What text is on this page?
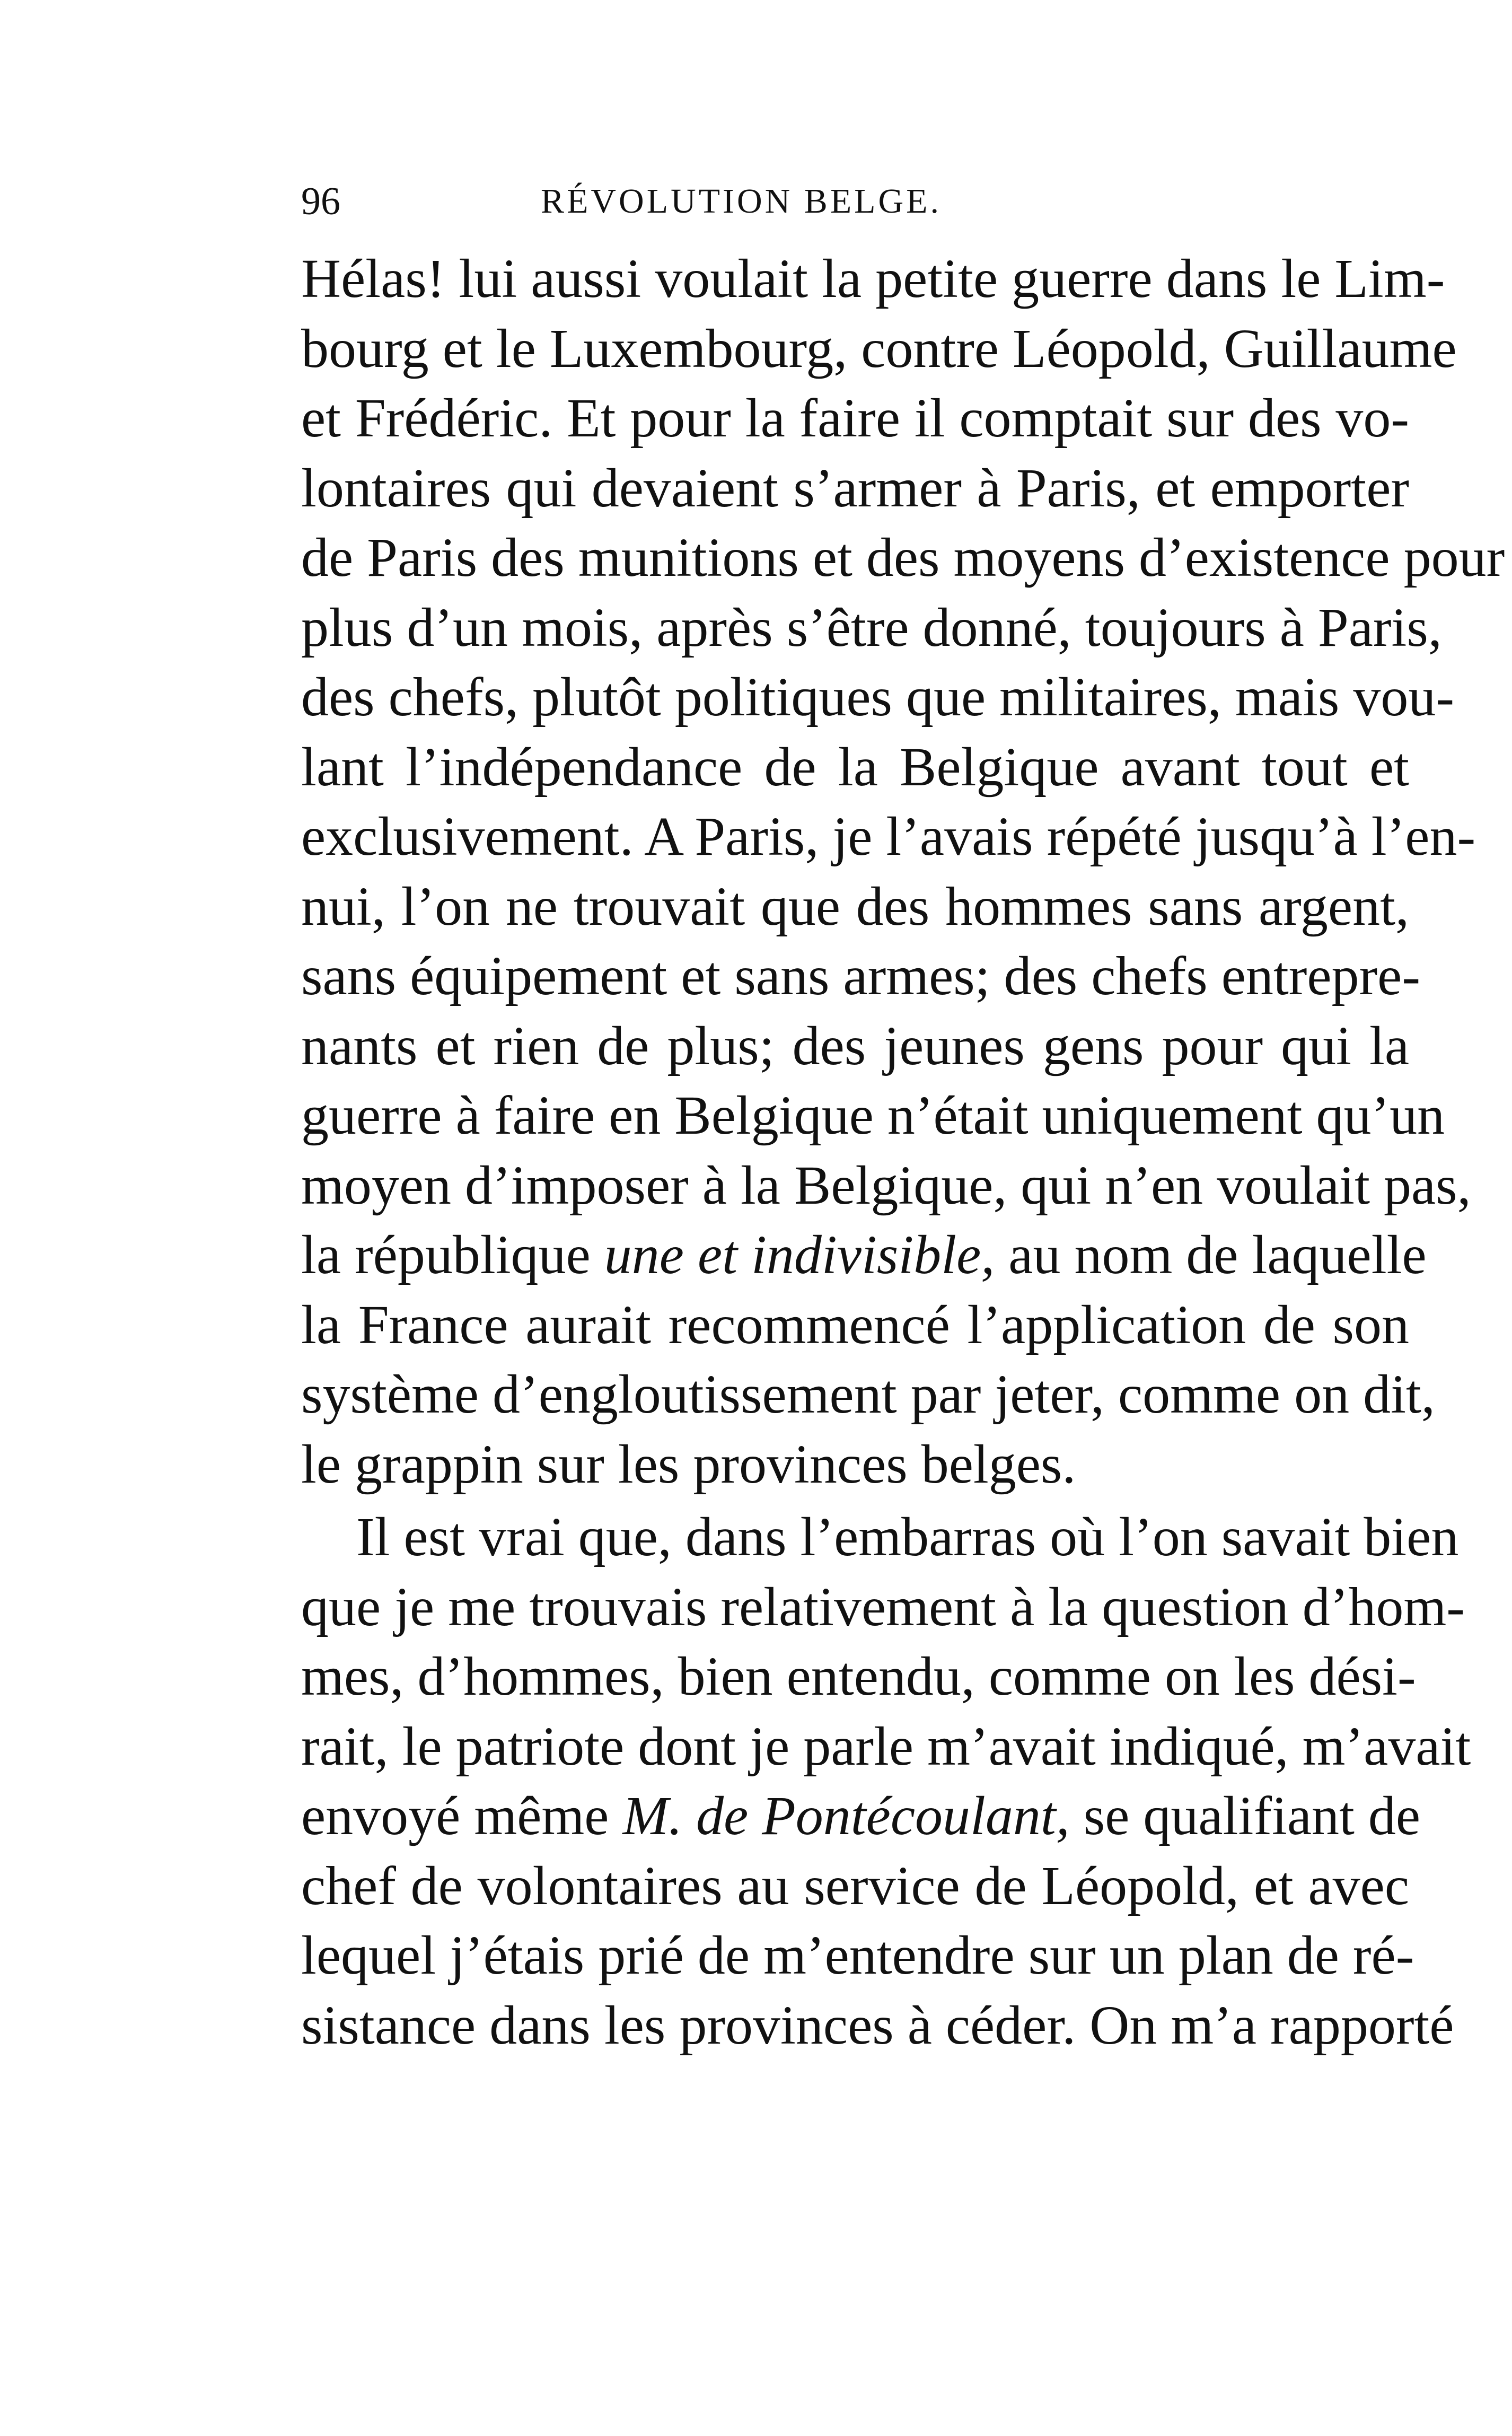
96	RÉVOLUTION BELGE.
Hélas! lui aussi voulait la petite guerre dans le Lim-
bourg et le Luxembourg, contre Léopold, Guillaume
et Frédéric. Et pour la faire il comptait sur des vo-
lontaires qui devaient s’armer à Paris, et emporter
de Paris des munitions et des moyens d’existence pour
plus d’un mois, après s’être donné, toujours à Paris,
des chefs, plutôt politiques que militaires, mais vou-
lant l’indépendance de la Belgique avant tout et
exclusivement. A Paris, je l’avais répété jusqu’à l’en-
nui, l’on ne trouvait que des hommes sans argent,
sans équipement et sans armes; des chefs entrepre-
nants et rien de plus; des jeunes gens pour qui la
guerre à faire en Belgique n’était uniquement qu’un
moyen d’imposer à la Belgique, qui n’en voulait pas,
la république une et indivisible, au nom de laquelle
la France aurait recommencé l’application de son
système d’engloutissement par jeter, comme on dit,
le grappin sur les provinces belges.
Il est vrai que, dans l’embarras où l’on savait bien
que je me trouvais relativement à la question d’hom-
mes, d’hommes, bien entendu, comme on les dési-
rait, le patriote dont je parle m’avait indiqué, m’avait
envoyé même M. de Pontécoulant, se qualifiant de
chef de volontaires au service de Léopold, et avec
lequel j’étais prié de m’entendre sur un plan de ré-
sistance dans les provinces à céder. On m’a rapporté
